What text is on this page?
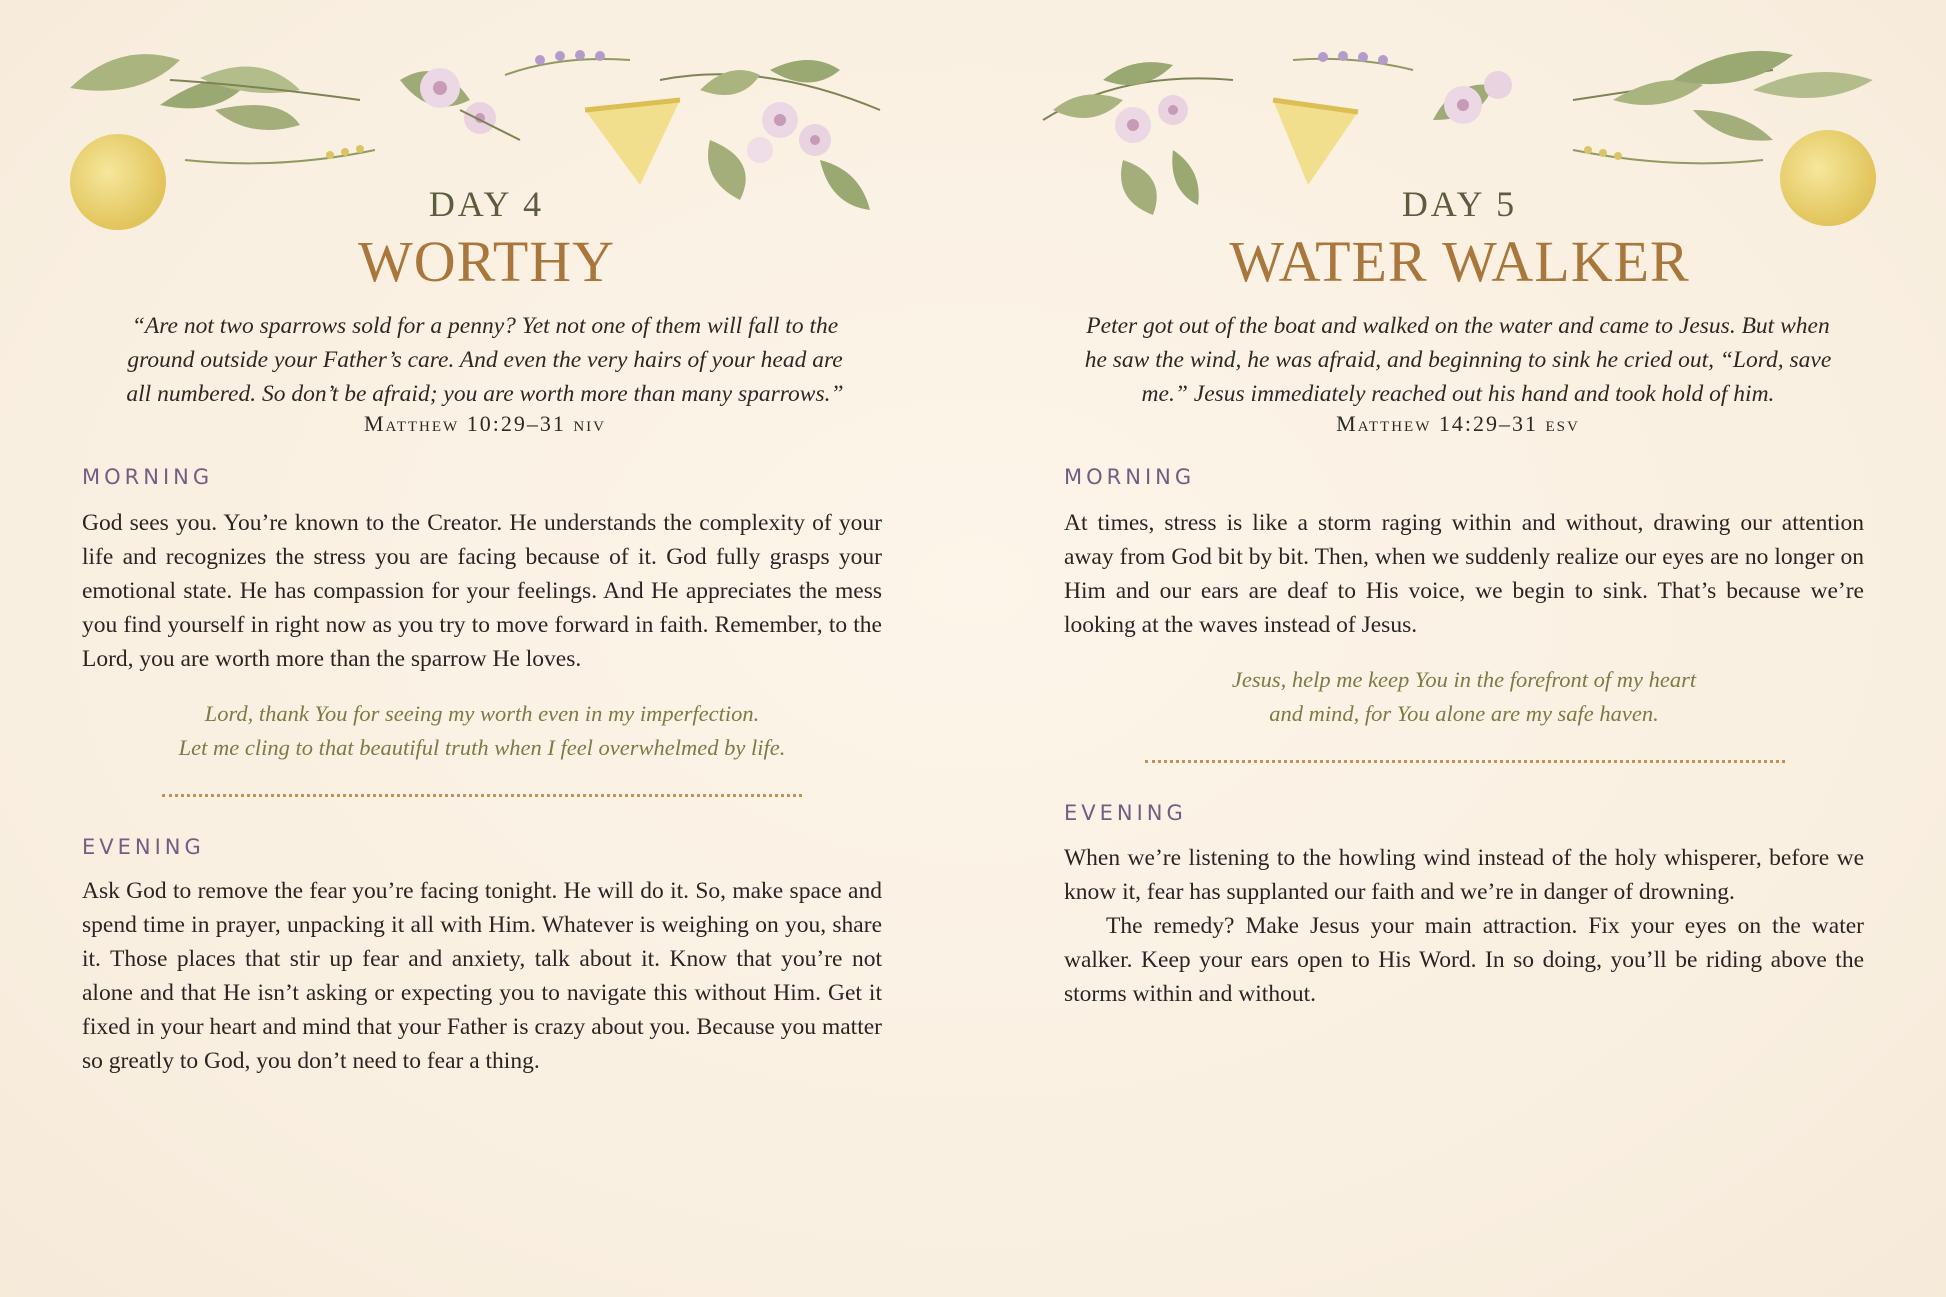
DAY 4
WORTHY
“Are not two sparrows sold for a penny? Yet not one of them will fall to the ground outside your Father’s care. And even the very hairs of your head are all numbered. So don’t be afraid; you are worth more than many sparrows.”
Matthew 10:29–31 niv
MORNING
God sees you. You’re known to the Creator. He understands the complexity of your life and recognizes the stress you are facing because of it. God fully grasps your emotional state. He has compassion for your feelings. And He appreciates the mess you find yourself in right now as you try to move forward in faith. Remember, to the Lord, you are worth more than the sparrow He loves.
Lord, thank You for seeing my worth even in my imperfection.
Let me cling to that beautiful truth when I feel overwhelmed by life.
EVENING
Ask God to remove the fear you’re facing tonight. He will do it. So, make space and spend time in prayer, unpacking it all with Him. Whatever is weighing on you, share it. Those places that stir up fear and anxiety, talk about it. Know that you’re not alone and that He isn’t asking or expecting you to navigate this without Him. Get it fixed in your heart and mind that your Father is crazy about you. Because you matter so greatly to God, you don’t need to fear a thing.
DAY 5
WATER WALKER
Peter got out of the boat and walked on the water and came to Jesus. But when he saw the wind, he was afraid, and beginning to sink he cried out, “Lord, save me.” Jesus immediately reached out his hand and took hold of him.
Matthew 14:29–31 esv
MORNING
At times, stress is like a storm raging within and without, drawing our attention away from God bit by bit. Then, when we suddenly realize our eyes are no longer on Him and our ears are deaf to His voice, we begin to sink. That’s because we’re looking at the waves instead of Jesus.
Jesus, help me keep You in the forefront of my heart
and mind, for You alone are my safe haven.
EVENING

When we’re listening to the howling wind instead of the holy whisperer, before we know it, fear has supplanted our faith and we’re in danger of drowning.

The remedy? Make Jesus your main attraction. Fix your eyes on the water walker. Keep your ears open to His Word. In so doing, you’ll be riding above the storms within and without.
